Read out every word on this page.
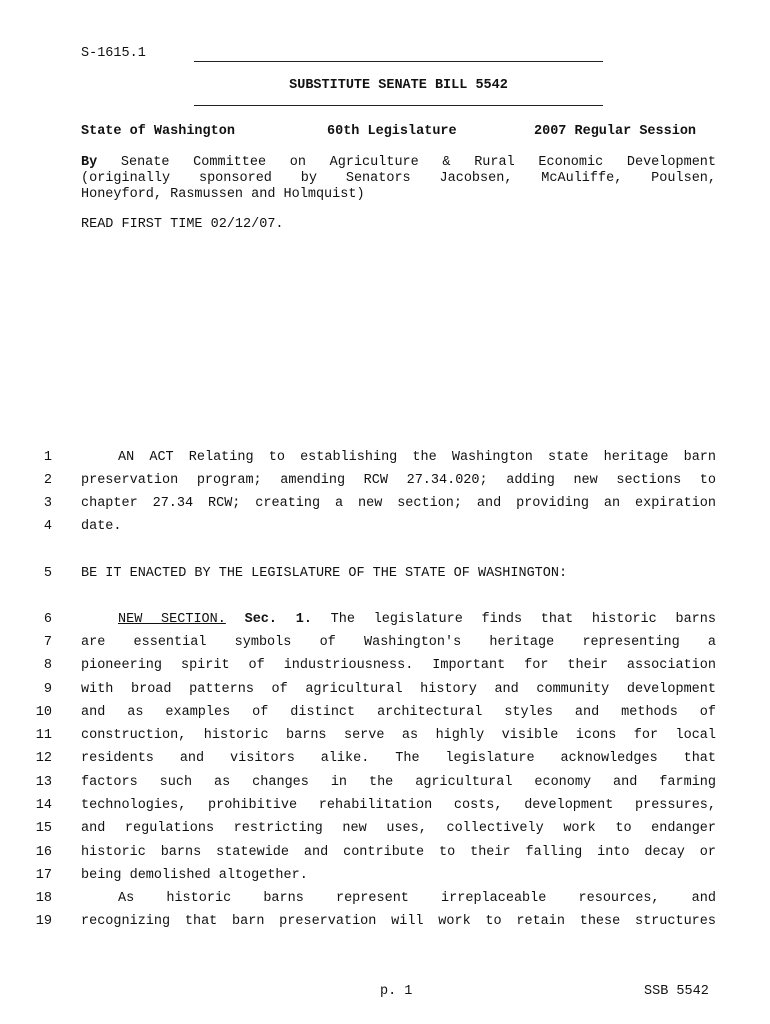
S-1615.1
SUBSTITUTE SENATE BILL 5542
State of Washington	60th Legislature	2007 Regular Session
By Senate Committee on Agriculture & Rural Economic Development
(originally sponsored by Senators Jacobsen, McAuliffe, Poulsen,
Honeyford, Rasmussen and Holmquist)
READ FIRST TIME 02/12/07.
1	AN ACT Relating to establishing the Washington state heritage barn
2 preservation program; amending RCW 27.34.020; adding new sections to
3 chapter 27.34 RCW; creating a new section; and providing an expiration
4 date.
5 BE IT ENACTED BY THE LEGISLATURE OF THE STATE OF WASHINGTON:
6	NEW SECTION. Sec. 1. The legislature finds that historic barns
7 are essential symbols of Washington's heritage representing a
8 pioneering spirit of industriousness. Important for their association
9 with broad patterns of agricultural history and community development
10 and as examples of distinct architectural styles and methods of
11 construction, historic barns serve as highly visible icons for local
12 residents and visitors alike. The legislature acknowledges that
13 factors such as changes in the agricultural economy and farming
14 technologies, prohibitive rehabilitation costs, development pressures,
15 and regulations restricting new uses, collectively work to endanger
16 historic barns statewide and contribute to their falling into decay or
17 being demolished altogether.
18	As historic barns represent irreplaceable resources, and
19 recognizing that barn preservation will work to retain these structures
p. 1	SSB 5542
